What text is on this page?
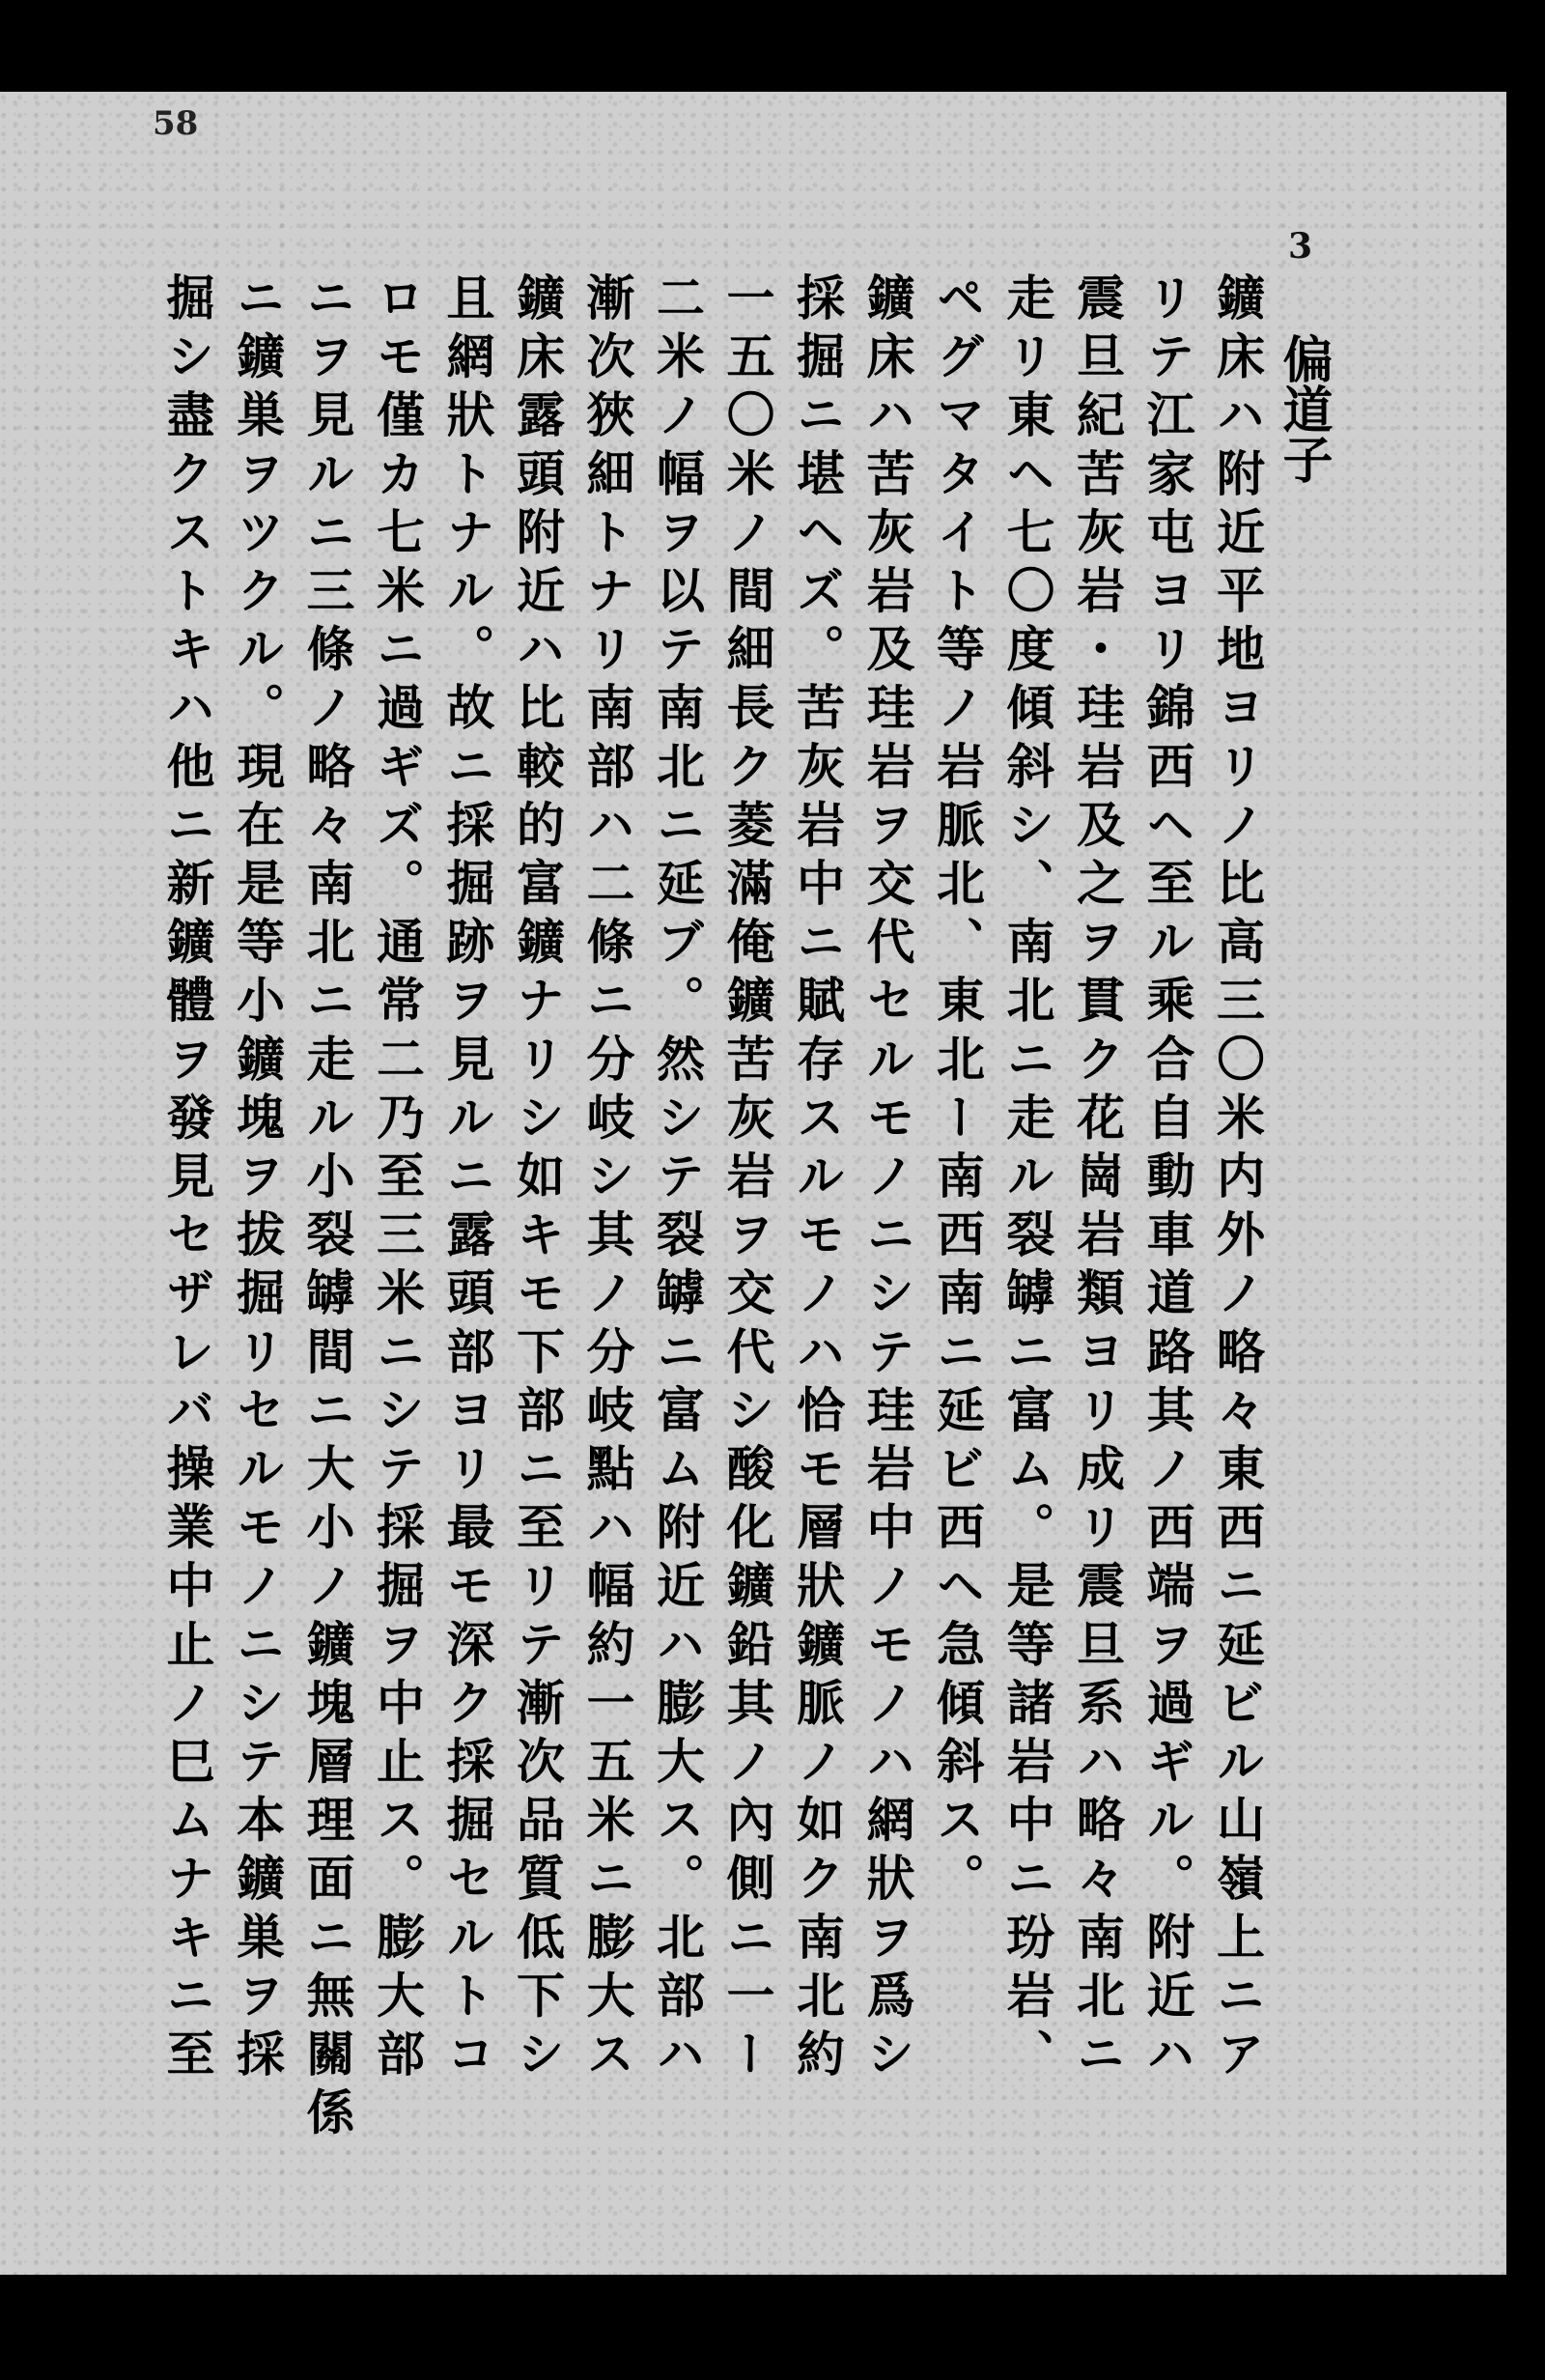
58
3
偏道子
鑛床ハ附近平地ヨリノ比高三〇米内外ノ略々東西ニ延ビル山嶺上ニア
リテ江家屯ヨリ錦西ヘ至ル乘合自動車道路其ノ西端ヲ過ギル。附近ハ
震旦紀苦灰岩・珪岩及之ヲ貫ク花崗岩類ヨリ成リ震旦系ハ略々南北ニ
走リ東ヘ七〇度傾斜シ、南北ニ走ル裂罅ニ富ム。是等諸岩中ニ玢岩、
ペグマタイト等ノ岩脈北、東北ー南西南ニ延ビ西ヘ急傾斜ス。
鑛床ハ苦灰岩及珪岩ヲ交代セルモノニシテ珪岩中ノモノハ網狀ヲ爲シ
採掘ニ堪ヘズ。苦灰岩中ニ賦存スルモノハ恰モ層狀鑛脈ノ如ク南北約
一五〇米ノ間細長ク菱滿俺鑛苦灰岩ヲ交代シ酸化鑛鉛其ノ內側ニ一ー
二米ノ幅ヲ以テ南北ニ延ブ。然シテ裂罅ニ富ム附近ハ膨大ス。北部ハ
漸次狹細トナリ南部ハ二條ニ分岐シ其ノ分岐點ハ幅約一五米ニ膨大ス
鑛床露頭附近ハ比較的富鑛ナリシ如キモ下部ニ至リテ漸次品質低下シ
且網狀トナル。故ニ採掘跡ヲ見ルニ露頭部ヨリ最モ深ク採掘セルトコ
ロモ僅カ七米ニ過ギズ。通常二乃至三米ニシテ採掘ヲ中止ス。膨大部
ニヲ見ルニ三條ノ略々南北ニ走ル小裂罅間ニ大小ノ鑛塊層理面ニ無關係
ニ鑛巣ヲツクル。現在是等小鑛塊ヲ拔掘リセルモノニシテ本鑛巣ヲ採
掘シ盡クストキハ他ニ新鑛體ヲ發見セザレバ操業中止ノ巳ムナキニ至
